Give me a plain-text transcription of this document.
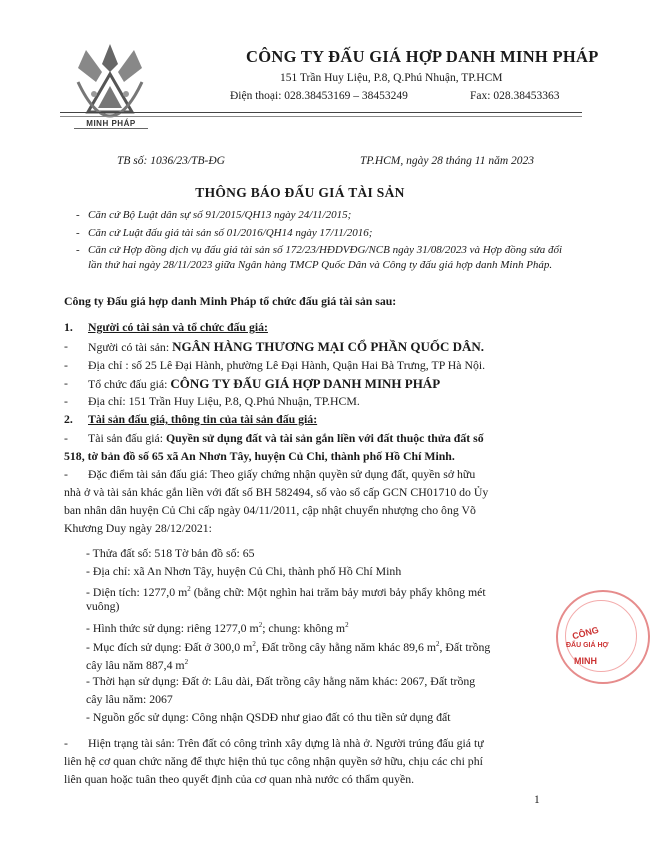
MINH PHÁP
CÔNG TY ĐẤU GIÁ HỢP DANH MINH PHÁP
151 Trần Huy Liệu, P.8, Q.Phú Nhuận, TP.HCM
Điện thoại: 028.38453169 – 38453249	Fax: 028.38453363
TB số: 1036/23/TB-ĐG	TP.HCM, ngày 28 tháng 11 năm 2023
THÔNG BÁO ĐẤU GIÁ TÀI SẢN
- Căn cứ Bộ Luật dân sự số 91/2015/QH13 ngày 24/11/2015;
- Căn cứ Luật đấu giá tài sản số 01/2016/QH14 ngày 17/11/2016;
- Căn cứ Hợp đồng dịch vụ đấu giá tài sản số 172/23/HĐDVĐG/NCB ngày 31/08/2023 và Hợp đồng sửa đổi lần thứ hai ngày 28/11/2023 giữa Ngân hàng TMCP Quốc Dân và Công ty đấu giá hợp danh Minh Pháp.
Công ty Đấu giá hợp danh Minh Pháp tổ chức đấu giá tài sản sau:
1. Người có tài sản và tổ chức đấu giá:
- Người có tài sản: NGÂN HÀNG THƯƠNG MẠI CỔ PHẦN QUỐC DÂN.
- Địa chỉ : số 25 Lê Đại Hành, phường Lê Đại Hành, Quận Hai Bà Trưng, TP Hà Nội.
- Tổ chức đấu giá: CÔNG TY ĐẤU GIÁ HỢP DANH MINH PHÁP
- Địa chỉ: 151 Trần Huy Liệu, P.8, Q.Phú Nhuận, TP.HCM.
2. Tài sản đấu giá, thông tin của tài sản đấu giá:
- Tài sản đấu giá: Quyền sử dụng đất và tài sản gắn liền với đất thuộc thửa đất số
518, tờ bản đồ số 65 xã An Nhơn Tây, huyện Củ Chi, thành phố Hồ Chí Minh.
- Đặc điểm tài sản đấu giá: Theo giấy chứng nhận quyền sử dụng đất, quyền sở hữu
nhà ở và tài sản khác gắn liền với đất số BH 582494, số vào sổ cấp GCN CH01710 do Ủy
ban nhân dân huyện Củ Chi cấp ngày 04/11/2011, cập nhật chuyển nhượng cho ông Võ
Khương Duy ngày 28/12/2021:
- Thửa đất số: 518 Tờ bản đồ số: 65
- Địa chỉ: xã An Nhơn Tây, huyện Củ Chi, thành phố Hồ Chí Minh
- Diện tích: 1277,0 $m^2$ (bằng chữ: Một nghìn hai trăm bảy mươi bảy phẩy không mét
vuông)
- Hình thức sử dụng: riêng 1277,0 $m^2$; chung: không $m^2$
- Mục đích sử dụng: Đất ở 300,0 $m^2$, Đất trồng cây hằng năm khác 89,6 $m^2$, Đất trồng
cây lâu năm 887,4 $m^2$
- Thời hạn sử dụng: Đất ở: Lâu dài, Đất trồng cây hằng năm khác: 2067, Đất trồng
cây lâu năm: 2067
- Nguồn gốc sử dụng: Công nhận QSDĐ như giao đất có thu tiền sử dụng đất
- Hiện trạng tài sản: Trên đất có công trình xây dựng là nhà ở. Người trúng đấu giá tự
liên hệ cơ quan chức năng để thực hiện thủ tục công nhận quyền sở hữu, chịu các chi phí
liên quan hoặc tuân theo quyết định của cơ quan nhà nước có thẩm quyền.
CÔNG
ĐẤU GIÁ HỢ
MINH
1
